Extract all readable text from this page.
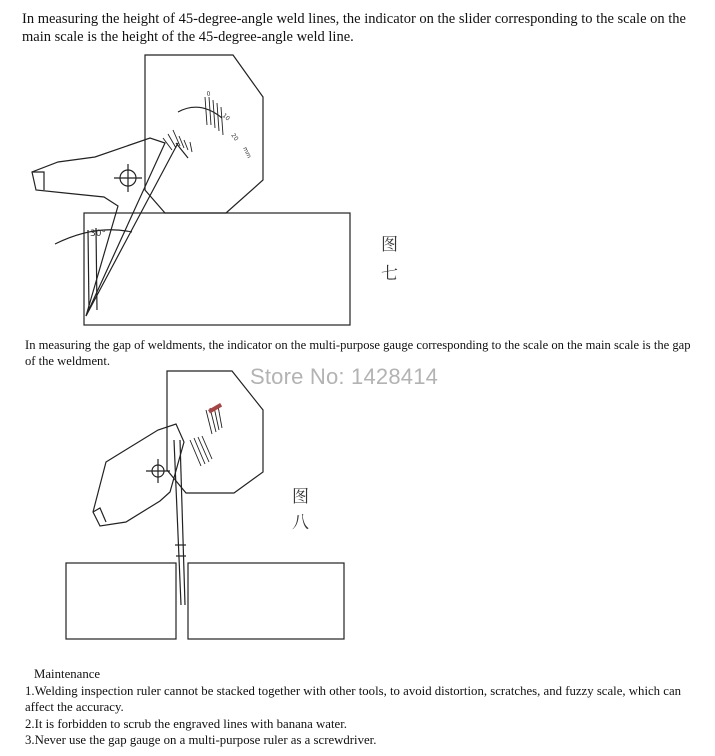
In measuring the height of 45-degree-angle weld lines, the indicator on the slider corresponding to the scale on the main scale is the height of the 45-degree-angle weld line.
30°
0
10
20
mm
图
七
图
八
In measuring the gap of weldments, the indicator on the multi-purpose gauge corresponding to the scale on the main scale is the gap of the weldment.
Store No: 1428414
Maintenance
1.Welding inspection ruler cannot be stacked together with other tools, to avoid distortion, scratches, and fuzzy scale, which can affect the accuracy.
2.It is forbidden to scrub the engraved lines with banana water.
3.Never use the gap gauge on a multi-purpose ruler as a screwdriver.
